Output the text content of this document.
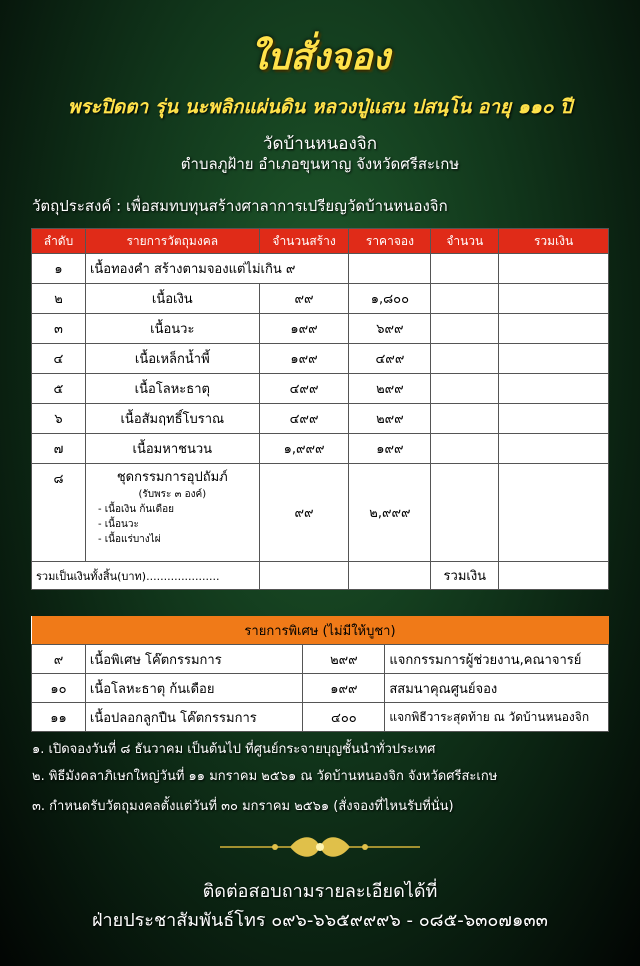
ใบสั่งจอง
พระปิดตา รุ่น นะพลิกแผ่นดิน หลวงปู่แสน ปสนฺโน อายุ ๑๑๐ ปี
วัดบ้านหนองจิก
ตำบลภูฝ้าย อำเภอขุนหาญ จังหวัดศรีสะเกษ
วัตถุประสงค์ : เพื่อสมทบทุนสร้างศาลาการเปรียญวัดบ้านหนองจิก
ลำดับ	รายการวัตถุมงคล	จำนวนสร้าง	ราคาจอง	จำนวน	รวมเงิน
๑	เนื้อทองคำ สร้างตามจองแต่ไม่เกิน ๙				
๒	เนื้อเงิน	๙๙	๑,๘๐๐		
๓	เนื้อนวะ	๑๙๙	๖๙๙		
๔	เนื้อเหล็กน้ำพี้	๑๙๙	๔๙๙		
๕	เนื้อโลหะธาตุ	๔๙๙	๒๙๙		
๖	เนื้อสัมฤทธิ์โบราณ	๔๙๙	๒๙๙		
๗	เนื้อมหาชนวน	๑,๙๙๙	๑๙๙		
๘	ชุดกรรมการอุปถัมภ์
(รับพระ ๓ องค์)
- เนื้อเงิน ก้นเดือย
- เนื้อนวะ
- เนื้อแร่บางไผ่	๙๙	๒,๙๙๙		
รวมเป็นเงินทั้งสิ้น(บาท).....................				รวมเงิน	
รายการพิเศษ (ไม่มีให้บูชา)			
๙	เนื้อพิเศษ โค๊ตกรรมการ	๒๙๙	แจกกรรมการผู้ช่วยงาน,คณาจารย์
๑๐	เนื้อโลหะธาตุ ก้นเดือย	๑๙๙	สสมนาคุณศูนย์จอง
๑๑	เนื้อปลอกลูกปืน โค๊ตกรรมการ	๔๐๐	แจกพิธีวาระสุดท้าย ณ วัดบ้านหนองจิก
๑. เปิดจองวันที่ ๘ ธันวาคม เป็นต้นไป ที่ศูนย์กระจายบุญชั้นนำทั่วประเทศ
๒. พิธีมังคลาภิเษกใหญ่วันที่ ๑๑ มกราคม ๒๕๖๑ ณ วัดบ้านหนองจิก จังหวัดศรีสะเกษ
๓. กำหนดรับวัตถุมงคลตั้งแต่วันที่ ๓๐ มกราคม ๒๕๖๑ (สั่งจองที่ไหนรับที่นั่น)
ติดต่อสอบถามรายละเอียดได้ที่
ฝ่ายประชาสัมพันธ์โทร ๐๙๖-๖๖๕๙๙๙๖ - ๐๘๕-๖๓๐๗๑๓๓
